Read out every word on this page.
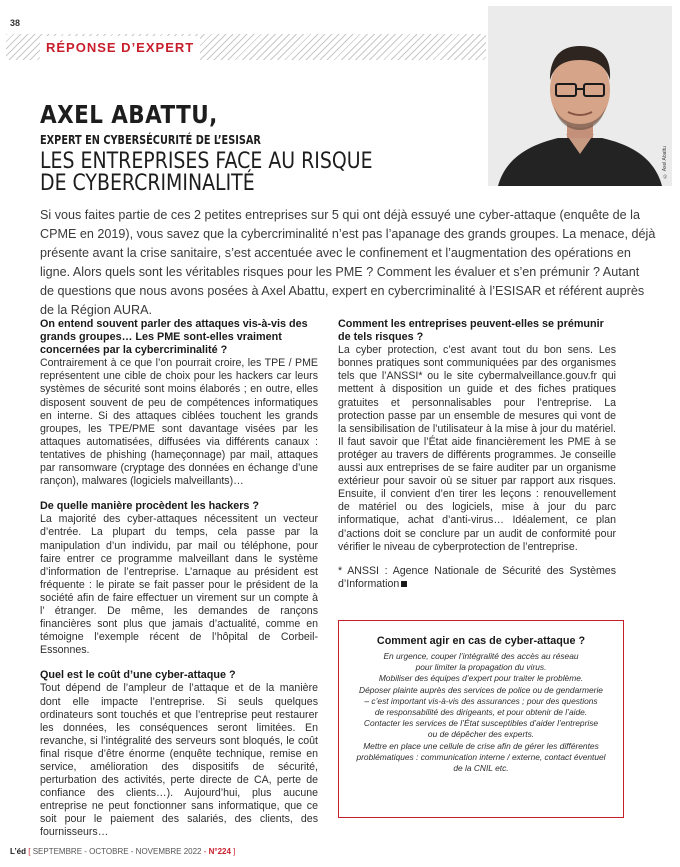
38
RÉPONSE D’EXPERT
© Axel Abattu
AXEL ABATTU,
EXPERT EN CYBERSÉCURITÉ DE L’ESISAR
LES ENTREPRISES FACE AU RISQUE
DE CYBERCRIMINALITÉ

Si vous faites partie de ces 2 petites entreprises sur 5 qui ont déjà essuyé une cyber-attaque (enquête de la CPME en 2019), vous savez que la cybercriminalité n’est pas l’apanage des grands groupes. La menace, déjà présente avant la crise sanitaire, s’est accentuée avec le confinement et l’augmentation des opérations en ligne. Alors quels sont les véritables risques pour les PME ? Comment les évaluer et s’en prémunir ? Autant de questions que nous avons posées à Axel Abattu, expert en cybercriminalité à l’ESISAR et référent auprès de la Région AURA.

On entend souvent parler des attaques vis-à-vis des grands groupes… Les PME sont-elles vraiment concernées par la cybercriminalité ?

Contrairement à ce que l’on pourrait croire, les TPE / PME représentent une cible de choix pour les hackers car leurs systèmes de sécurité sont moins élaborés ; en outre, elles disposent souvent de peu de compétences informatiques en interne. Si des attaques ciblées touchent les grands groupes, les TPE/PME sont davantage visées par les attaques automatisées, diffusées via différents canaux : tentatives de phishing (hameçonnage) par mail, attaques par ransomware (cryptage des données en échange d’une rançon), malwares (logiciels malveillants)…

De quelle manière procèdent les hackers ?

La majorité des cyber-attaques nécessitent un vecteur d’entrée. La plupart du temps, cela passe par la manipulation d’un individu, par mail ou téléphone, pour faire entrer ce programme malveillant dans le système d’information de l’entreprise. L’arnaque au président est fréquente : le pirate se fait passer pour le président de la société afin de faire effectuer un virement sur un compte à l’ étranger. De même, les demandes de rançons financières sont plus que jamais d’actualité, comme en témoigne l’exemple récent de l’hôpital de Corbeil-Essonnes.

Quel est le coût d’une cyber-attaque ?

Tout dépend de l’ampleur de l’attaque et de la manière dont elle impacte l’entreprise. Si seuls quelques ordinateurs sont touchés et que l’entreprise peut restaurer les données, les conséquences seront limitées. En revanche, si l’intégralité des serveurs sont bloqués, le coût final risque d’être énorme (enquête technique, remise en service, amélioration des dispositifs de sécurité, perturbation des activités, perte directe de CA, perte de confiance des clients…). Aujourd’hui, plus aucune entreprise ne peut fonctionner sans informatique, que ce soit pour le paiement des salariés, des clients, des fournisseurs…

Comment les entreprises peuvent-elles se prémunir de tels risques ?

La cyber protection, c’est avant tout du bon sens. Les bonnes pratiques sont communiquées par des organismes tels que l’ANSSI* ou le site cybermalveillance.gouv.fr qui mettent à disposition un guide et des fiches pratiques gratuites et personnalisables pour l’entreprise. La protection passe par un ensemble de mesures qui vont de la sensibilisation de l’utilisateur à la mise à jour du matériel. Il faut savoir que l’État aide financièrement les PME à se protéger au travers de différents programmes. Je conseille aussi aux entreprises de se faire auditer par un organisme extérieur pour savoir où se situer par rapport aux risques. Ensuite, il convient d’en tirer les leçons : renouvellement de matériel ou des logiciels, mise à jour du parc informatique, achat d’anti-virus… Idéalement, ce plan d’actions doit se conclure par un audit de conformité pour vérifier le niveau de cyberprotection de l’entreprise.

* ANSSI : Agence Nationale de Sécurité des Systèmes d’Information

Comment agir en cas de cyber-attaque ?
En urgence, couper l’intégralité des accès au réseau
pour limiter la propagation du virus.
Mobiliser des équipes d’expert pour traiter le problème.
Déposer plainte auprès des services de police ou de gendarmerie
– c’est important vis-à-vis des assurances ; pour des questions
de responsabilité des dirigeants, et pour obtenir de l’aide.
Contacter les services de l’État susceptibles d’aider l’entreprise
ou de dépêcher des experts.
Mettre en place une cellule de crise afin de gérer les différentes
problématiques : communication interne / externe, contact éventuel
de la CNIL etc.
L’éd [ SEPTEMBRE - OCTOBRE - NOVEMBRE 2022 - N°224 ]
